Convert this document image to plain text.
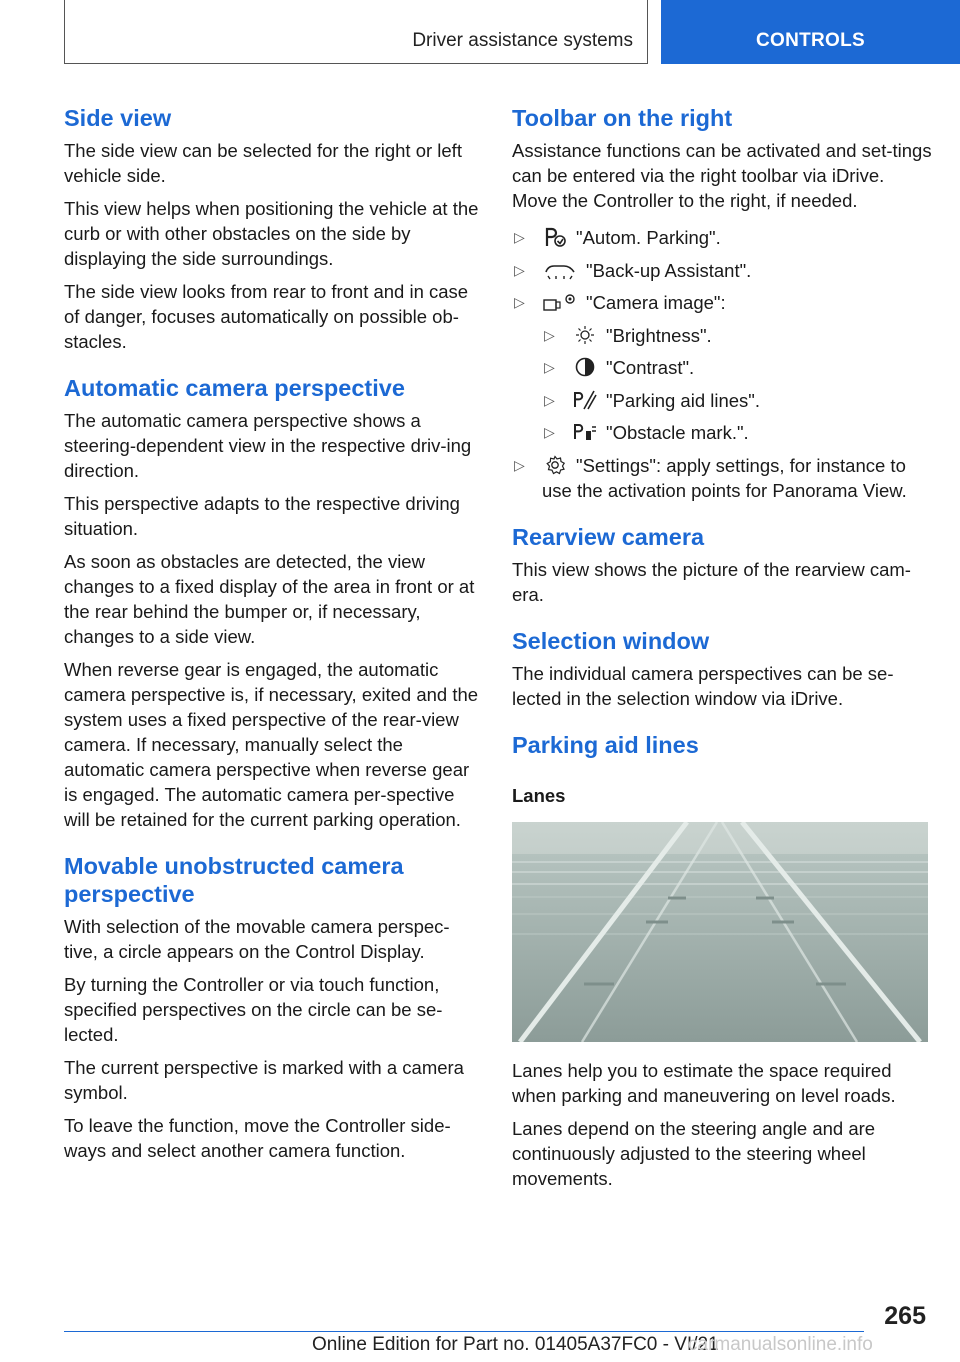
Driver assistance systems	CONTROLS
Side view

The side view can be selected for the right or left vehicle side.

This view helps when positioning the vehicle at the curb or with other obstacles on the side by displaying the side surroundings.

The side view looks from rear to front and in case of danger, focuses automatically on possible ob‐stacles.

Automatic camera perspective

The automatic camera perspective shows a steering-dependent view in the respective driv‐ing direction.

This perspective adapts to the respective driving situation.

As soon as obstacles are detected, the view changes to a fixed display of the area in front or at the rear behind the bumper or, if necessary, changes to a side view.

When reverse gear is engaged, the automatic camera perspective is, if necessary, exited and the system uses a fixed perspective of the rear‐view camera. If necessary, manually select the automatic camera perspective when reverse gear is engaged. The automatic camera per‐spective will be retained for the current parking operation.

Movable unobstructed camera perspective

With selection of the movable camera perspec‐tive, a circle appears on the Control Display.

By turning the Controller or via touch function, specified perspectives on the circle can be se‐lected.

The current perspective is marked with a camera symbol.

To leave the function, move the Controller side‐ways and select another camera function.

Toolbar on the right

Assistance functions can be activated and set‐tings can be entered via the right toolbar via iDrive. Move the Controller to the right, if needed.

▷	"Autom. Parking".
▷	"Back-up Assistant".
▷	"Camera image":
▷	"Brightness".
▷	"Contrast".
▷	"Parking aid lines".
▷	"Obstacle mark.".
▷	"Settings": apply settings, for instance to use the activation points for Panorama View.
Rearview camera

This view shows the picture of the rearview cam‐era.

Selection window

The individual camera perspectives can be se‐lected in the selection window via iDrive.

Parking aid lines
Lanes

Lanes help you to estimate the space required when parking and maneuvering on level roads.

Lanes depend on the steering angle and are continuously adjusted to the steering wheel movements.

265
Online Edition for Part no. 01405A37FC0 - VI/21
carmanualsonline.info
